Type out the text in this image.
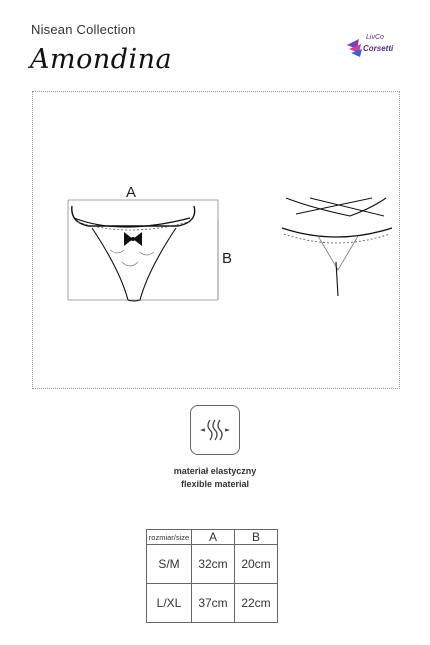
Nisean Collection
Amondina
LivCo
Corsetti
A
B
materiał elastyczny
flexible material
rozmiar/size	A	B
S/M	32cm	20cm
L/XL	37cm	22cm
